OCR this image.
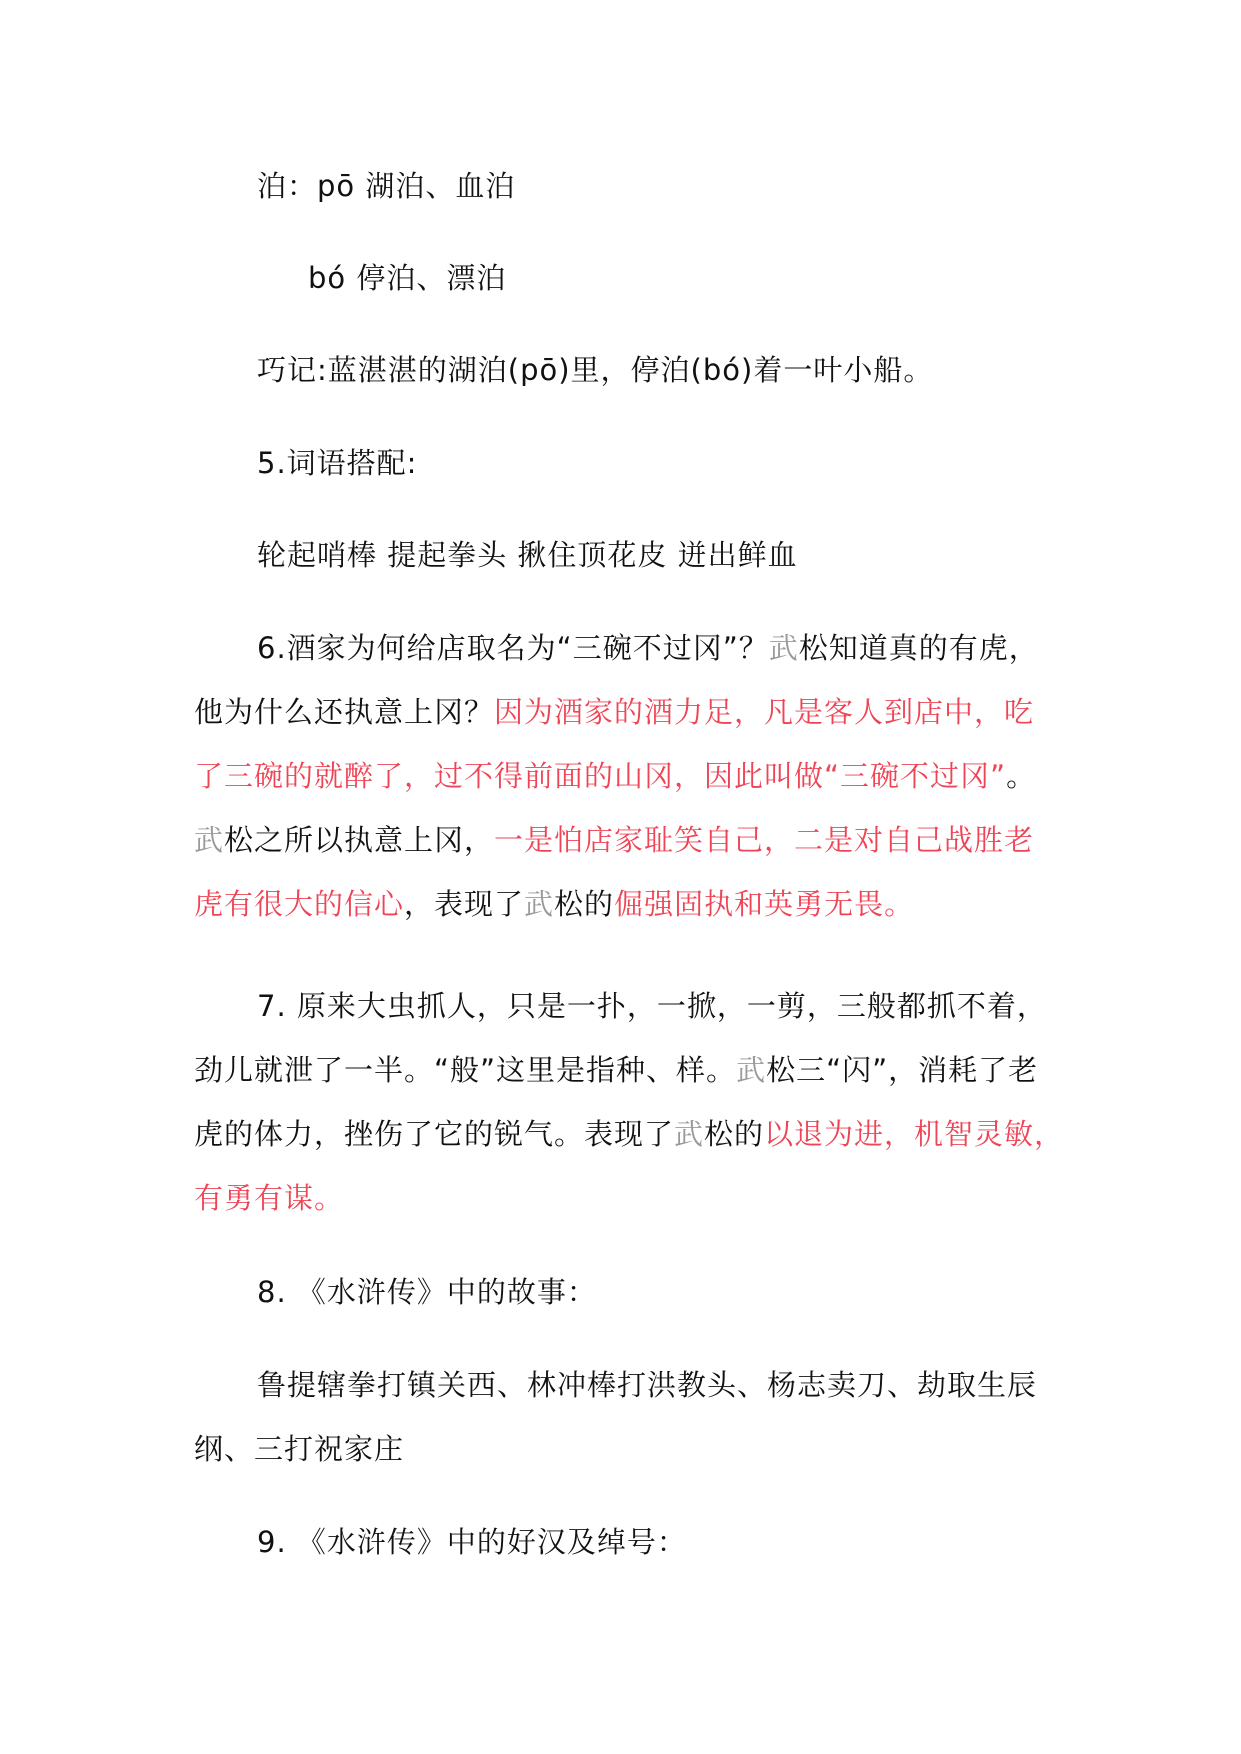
泊：pō 湖泊、血泊
bó 停泊、漂泊
巧记:蓝湛湛的湖泊(pō)里，停泊(bó)着一叶小船。
5.词语搭配:
轮起哨棒 提起拳头 揪住顶花皮 迸出鲜血
6.酒家为何给店取名为“三碗不过冈”？武松知道真的有虎，
他为什么还执意上冈？因为酒家的酒力足，凡是客人到店中，吃
了三碗的就醉了，过不得前面的山冈，因此叫做“三碗不过冈”。
武松之所以执意上冈，一是怕店家耻笑自己，二是对自己战胜老
虎有很大的信心，表现了武松的倔强固执和英勇无畏。
7. 原来大虫抓人，只是一扑，一掀，一剪，三般都抓不着，
劲儿就泄了一半。“般”这里是指种、样。武松三“闪”，消耗了老
虎的体力，挫伤了它的锐气。表现了武松的以退为进，机智灵敏，
有勇有谋。
8. 《水浒传》中的故事：
鲁提辖拳打镇关西、林冲棒打洪教头、杨志卖刀、劫取生辰
纲、三打祝家庄
9. 《水浒传》中的好汉及绰号：
